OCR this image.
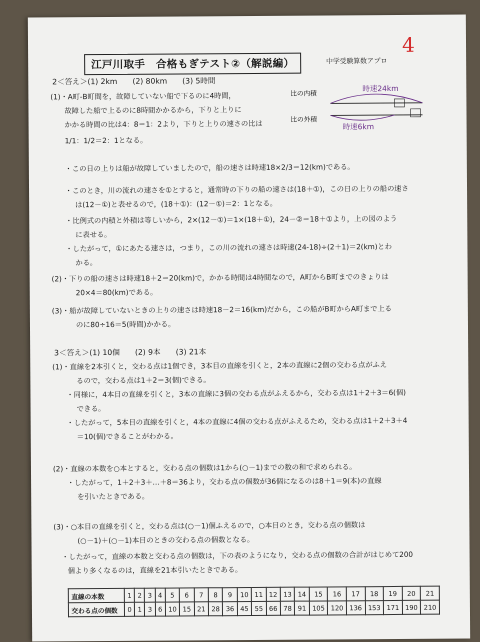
4
江戸川取手　合格もぎテスト②（解説編）	中学受験算数アプロ
2＜答え＞(1) 2km　　(2) 80km　　(3) 5時間
(1)・A町-B町間を，故障していない船で下るのに4時間，
故障した船で上るのに8時間かかるから，下りと上りに
かかる時間の比は4：8＝1：2より，下りと上りの速さの比は
1/1：1/2＝2：1となる。
・この日の上りは船が故障していましたので，船の速さは時速18×2/3＝12(km)である。
・このとき，川の流れの速さを①とすると，通常時の下りの船の速さは(18＋①)，この日の上りの船の速さ
は(12－①)と表せるので，(18＋①)：(12－①)＝2：1となる。
・比例式の内積と外積は等しいから，2×(12－①)＝1×(18＋①)，24－②＝18＋①より，上の図のよう
に表せる。
・したがって，①にあたる速さは，つまり，この川の流れの速さは時速(24-18)÷(2＋1)＝2(km)とわ
かる。
(2)・下りの船の速さは時速18＋2＝20(km)で，かかる時間は4時間なので，A町からB町までのきょりは
20×4＝80(km)である。
(3)・船が故障していないときの上りの速さは時速18－2＝16(km)だから，この船がB町からA町まで上る
のに80÷16＝5(時間)かかる。
比の内積
比の外積
時速24km
時速6km
3＜答え＞(1) 10個　　(2) 9本　　(3) 21本
(1)・直線を2本引くと，交わる点は1個でき，3本目の直線を引くと，2本の直線に2個の交わる点がふえ
るので，交わる点は1＋2＝3(個)できる。
・同様に，4本目の直線を引くと，3本の直線に3個の交わる点がふえるから，交わる点は1＋2＋3＝6(個)
できる。
・したがって，5本目の直線を引くと，4本の直線に4個の交わる点がふえるため，交わる点は1＋2＋3＋4
＝10(個)できることがわかる。
(2)・直線の本数を○本とすると，交わる点の個数は1から(○－1)までの数の和で求められる。
・したがって，1＋2＋3＋…＋8＝36より，交わる点の個数が36個になるのは8＋1＝9(本)の直線
を引いたときである。
(3)・○本目の直線を引くと，交わる点は(○－1)個ふえるので，○本目のとき，交わる点の個数は
(○－1)＋(○－1)本目のときの交わる点の個数となる。
・したがって，直線の本数と交わる点の個数は，下の表のようになり，交わる点の個数の合計がはじめて200
個より多くなるのは，直線を21本引いたときである。
直線の本数	1	2	3	4	5	6	7	8	9	10	11	12	13	14	15	16	17	18	19	20	21
交わる点の個数	0	1	3	6	10	15	21	28	36	45	55	66	78	91	105	120	136	153	171	190	210
